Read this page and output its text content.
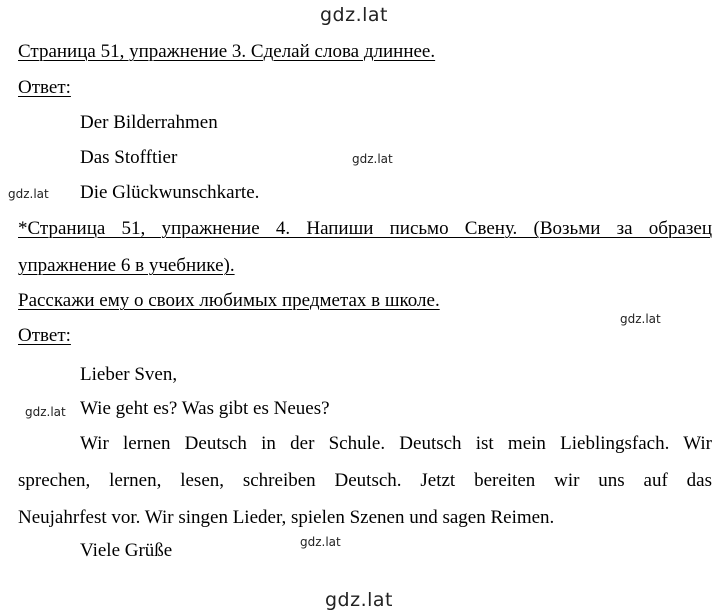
gdz.lat
gdz.lat
gdz.lat
gdz.lat
gdz.lat
gdz.lat
gdz.lat
Страница 51, упражнение 3. Сделай слова длиннее.
Ответ:
Der Bilderrahmen
Das Stofftier
Die Glückwunschkarte.
*Страница 51, упражнение 4. Напиши письмо Свену. (Возьми за образец
упражнение 6 в учебнике).
Расскажи ему о своих любимых предметах в школе.
Ответ:
Lieber Sven,
Wie geht es? Was gibt es Neues?
Wir lernen Deutsch in der Schule. Deutsch ist mein Lieblingsfach. Wir
sprechen, lernen, lesen, schreiben Deutsch. Jetzt bereiten wir uns auf das
Neujahrfest vor. Wir singen Lieder, spielen Szenen und sagen Reimen.
Viele Grüße
